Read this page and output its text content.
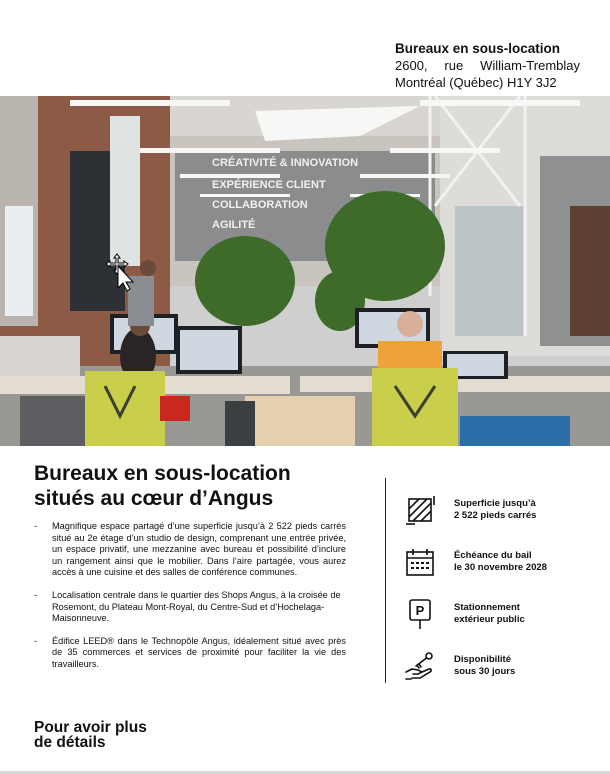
Bureaux en sous-location
2600, rue William-Tremblay
Montréal (Québec) H1Y 3J2
CRÉATIVITÉ & INNOVATION
EXPÉRIENCE CLIENT
COLLABORATION
AGILITÉ
Bureaux en sous-location
situés au cœur d’Angus
- Magnifique espace partagé d’une superficie jusqu’à 2 522 pieds carrés situé au 2e étage d’un studio de design, comprenant une entrée privée, un espace privatif, une mezzanine avec bureau et possibilité d’inclure un rangement ainsi que le mobilier. Dans l’aire partagée, vous aurez accès à une cuisine et des salles de conférence communes.
- Localisation centrale dans le quartier des Shops Angus, à la croisée de Rosemont, du Plateau Mont-Royal, du Centre-Sud et d’Hochelaga-Maisonneuve.
- Édifice LEED® dans le Technopôle Angus, idéalement situé avec près de 35 commerces et services de proximité pour faciliter la vie des travailleurs.
Superficie jusqu’à
2 522 pieds carrés
Échéance du bail
le 30 novembre 2028
P	Stationnement
extérieur public
Disponibilité
sous 30 jours
Pour avoir plus
de détails
